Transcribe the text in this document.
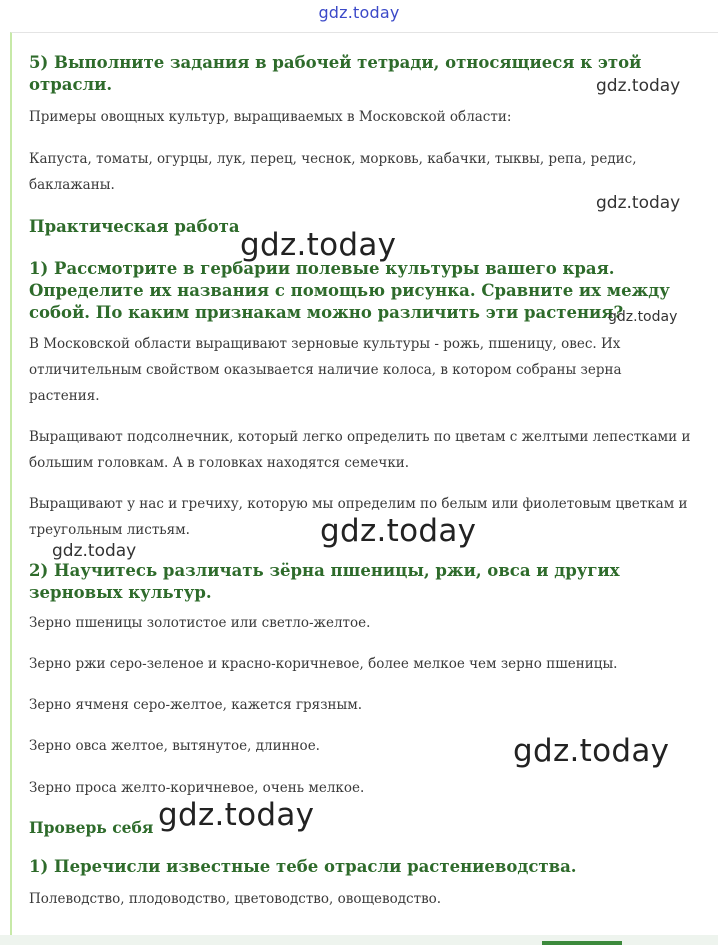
gdz.today
5) Выполните задания в рабочей тетради, относящиеся к этой отрасли.

Примеры овощных культур, выращиваемых в Московской области:

Капуста, томаты, огурцы, лук, перец, чеснок, морковь, кабачки, тыквы, репа, редис, баклажаны.

Практическая работа
1) Рассмотрите в гербарии полевые культуры вашего края. Определите их названия с помощью рисунка. Сравните их между собой. По каким признакам можно различить эти растения?

В Московской области выращивают зерновые культуры - рожь, пшеницу, овес. Их отличительным свойством оказывается наличие колоса, в котором собраны зерна растения.

Выращивают подсолнечник, который легко определить по цветам с желтыми лепестками и большим головкам. А в головках находятся семечки.

Выращивают у нас и гречиху, которую мы определим по белым или фиолетовым цветкам и треугольным листьям.

2) Научитесь различать зёрна пшеницы, ржи, овса и других зерновых культур.

Зерно пшеницы золотистое или светло-желтое.

Зерно ржи серо-зеленое и красно-коричневое, более мелкое чем зерно пшеницы.

Зерно ячменя серо-желтое, кажется грязным.

Зерно овса желтое, вытянутое, длинное.

Зерно проса желто-коричневое, очень мелкое.

Проверь себя
1) Перечисли известные тебе отрасли растениеводства.

Полеводство, плодоводство, цветоводство, овощеводство.

gdz.today
gdz.today
gdz.today
gdz.today
gdz.today
gdz.today
gdz.today
gdz.today
